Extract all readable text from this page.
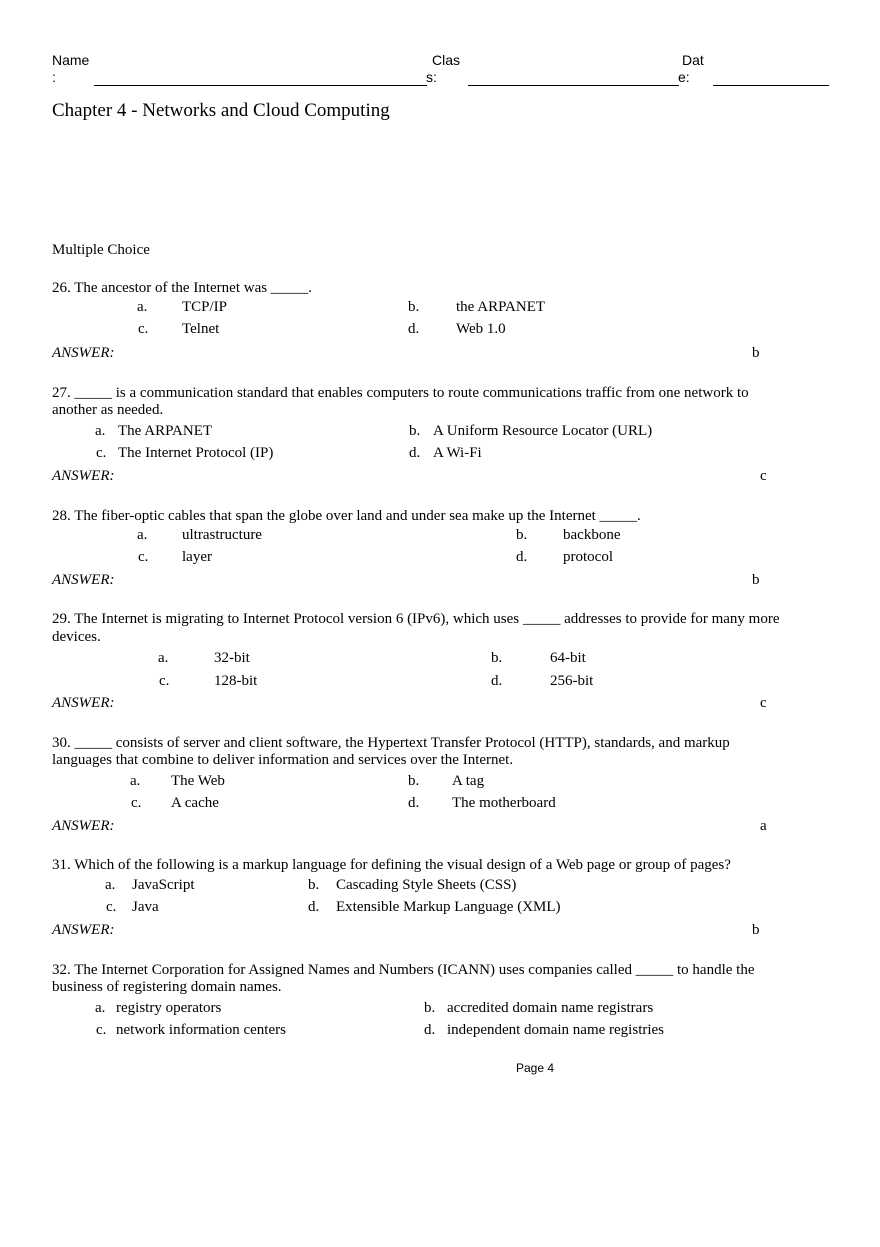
Name
:
Clas
s:
Dat
e:
Chapter 4 - Networks and Cloud Computing
Multiple Choice
26. The ancestor of the Internet was _____.
a. TCP/IP	b. the ARPANET
c. Telnet	d. Web 1.0
ANSWER:	b
27. _____ is a communication standard that enables computers to route communications traffic from one network to
another as needed.
a. The ARPANET	b. A Uniform Resource Locator (URL)
c. The Internet Protocol (IP)	d. A Wi-Fi
ANSWER:	c
28. The fiber-optic cables that span the globe over land and under sea make up the Internet _____.
a. ultrastructure	b. backbone
c. layer	d. protocol
ANSWER:	b
29. The Internet is migrating to Internet Protocol version 6 (IPv6), which uses _____ addresses to provide for many more
devices.
a.	32-bit	b.	64-bit
c.	128-bit	d.	256-bit
ANSWER:	c
30. _____ consists of server and client software, the Hypertext Transfer Protocol (HTTP), standards, and markup
languages that combine to deliver information and services over the Internet.
a. The Web	b. A tag
c. A cache	d. The motherboard
ANSWER:	a
31. Which of the following is a markup language for defining the visual design of a Web page or group of pages?
a. JavaScript	b. Cascading Style Sheets (CSS)
c. Java	d. Extensible Markup Language (XML)
ANSWER:	b
32. The Internet Corporation for Assigned Names and Numbers (ICANN) uses companies called _____ to handle the
business of registering domain names.
a. registry operators	b. accredited domain name registrars
c. network information centers	d. independent domain name registries
Page 4
